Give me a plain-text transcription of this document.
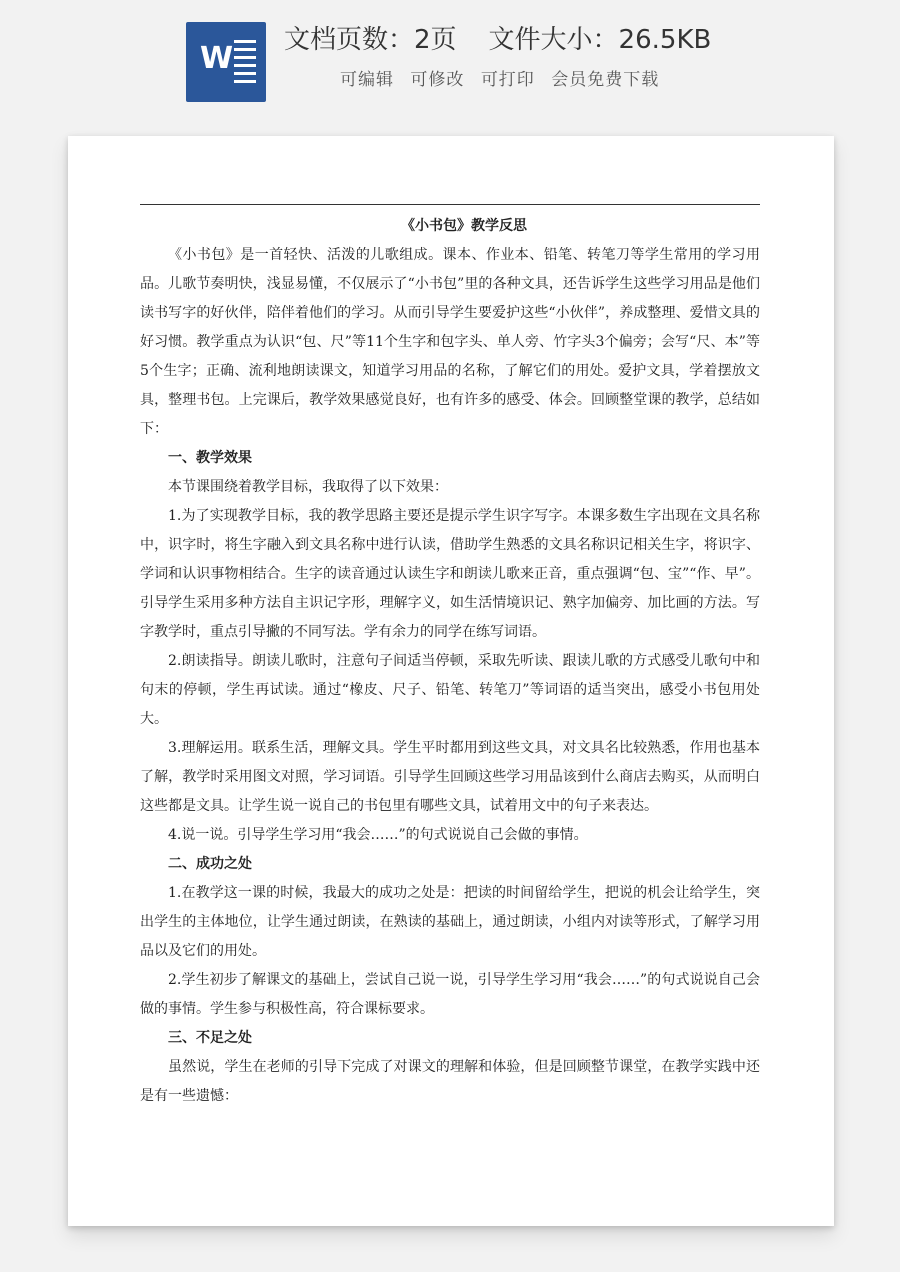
W
文档页数：2页 文件大小：26.5KB
可编辑 可修改 可打印 会员免费下载

《小书包》教学反思

《小书包》是一首轻快、活泼的儿歌组成。课本、作业本、铅笔、转笔刀等学生常用的学习用品。儿歌节奏明快，浅显易懂，不仅展示了“小书包”里的各种文具，还告诉学生这些学习用品是他们读书写字的好伙伴，陪伴着他们的学习。从而引导学生要爱护这些“小伙伴”，养成整理、爱惜文具的好习惯。教学重点为认识“包、尺”等11个生字和包字头、单人旁、竹字头3个偏旁；会写“尺、本”等5个生字；正确、流利地朗读课文，知道学习用品的名称，了解它们的用处。爱护文具，学着摆放文具，整理书包。上完课后，教学效果感觉良好，也有许多的感受、体会。回顾整堂课的教学，总结如下：

一、教学效果

本节课围绕着教学目标，我取得了以下效果：

1.为了实现教学目标，我的教学思路主要还是提示学生识字写字。本课多数生字出现在文具名称中，识字时，将生字融入到文具名称中进行认读，借助学生熟悉的文具名称识记相关生字，将识字、学词和认识事物相结合。生字的读音通过认读生字和朗读儿歌来正音，重点强调“包、宝”“作、早”。引导学生采用多种方法自主识记字形，理解字义，如生活情境识记、熟字加偏旁、加比画的方法。写字教学时，重点引导撇的不同写法。学有余力的同学在练写词语。

2.朗读指导。朗读儿歌时，注意句子间适当停顿，采取先听读、跟读儿歌的方式感受儿歌句中和句末的停顿，学生再试读。通过“橡皮、尺子、铅笔、转笔刀”等词语的适当突出，感受小书包用处大。

3.理解运用。联系生活，理解文具。学生平时都用到这些文具，对文具名比较熟悉，作用也基本了解，教学时采用图文对照，学习词语。引导学生回顾这些学习用品该到什么商店去购买，从而明白这些都是文具。让学生说一说自己的书包里有哪些文具，试着用文中的句子来表达。

4.说一说。引导学生学习用“我会……”的句式说说自己会做的事情。

二、成功之处

1.在教学这一课的时候，我最大的成功之处是：把读的时间留给学生，把说的机会让给学生，突出学生的主体地位，让学生通过朗读，在熟读的基础上，通过朗读，小组内对读等形式，了解学习用品以及它们的用处。

2.学生初步了解课文的基础上，尝试自己说一说，引导学生学习用“我会……”的句式说说自己会做的事情。学生参与积极性高，符合课标要求。

三、不足之处

虽然说，学生在老师的引导下完成了对课文的理解和体验，但是回顾整节课堂，在教学实践中还是有一些遗憾：
